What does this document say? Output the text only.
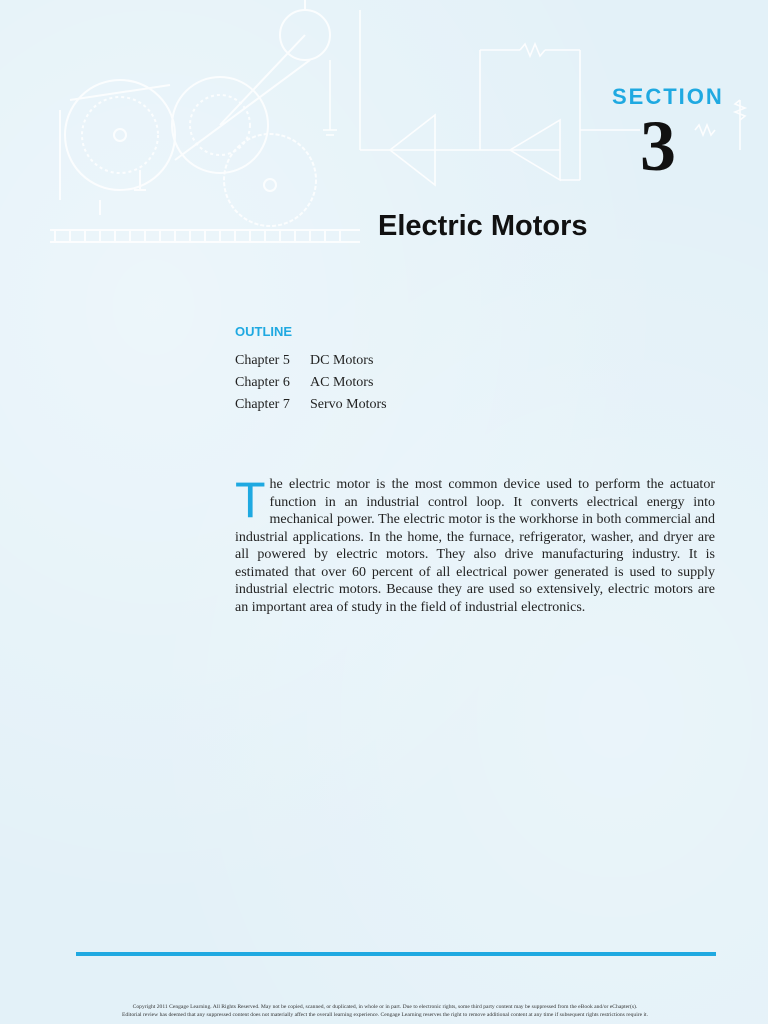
SECTION
3
Electric Motors
OUTLINE
Chapter 5	DC Motors
Chapter 6	AC Motors
Chapter 7	Servo Motors

The electric motor is the most common device used to perform the actuator function in an industrial control loop. It converts electrical energy into mechanical power. The electric motor is the workhorse in both commercial and industrial applications. In the home, the furnace, refrigerator, washer, and dryer are all powered by electric motors. They also drive manufacturing industry. It is estimated that over 60 percent of all electrical power generated is used to supply industrial electric motors. Because they are used so extensively, electric motors are an important area of study in the field of industrial electronics.

Copyright 2011 Cengage Learning. All Rights Reserved. May not be copied, scanned, or duplicated, in whole or in part. Due to electronic rights, some third party content may be suppressed from the eBook and/or eChapter(s).
Editorial review has deemed that any suppressed content does not materially affect the overall learning experience. Cengage Learning reserves the right to remove additional content at any time if subsequent rights restrictions require it.
